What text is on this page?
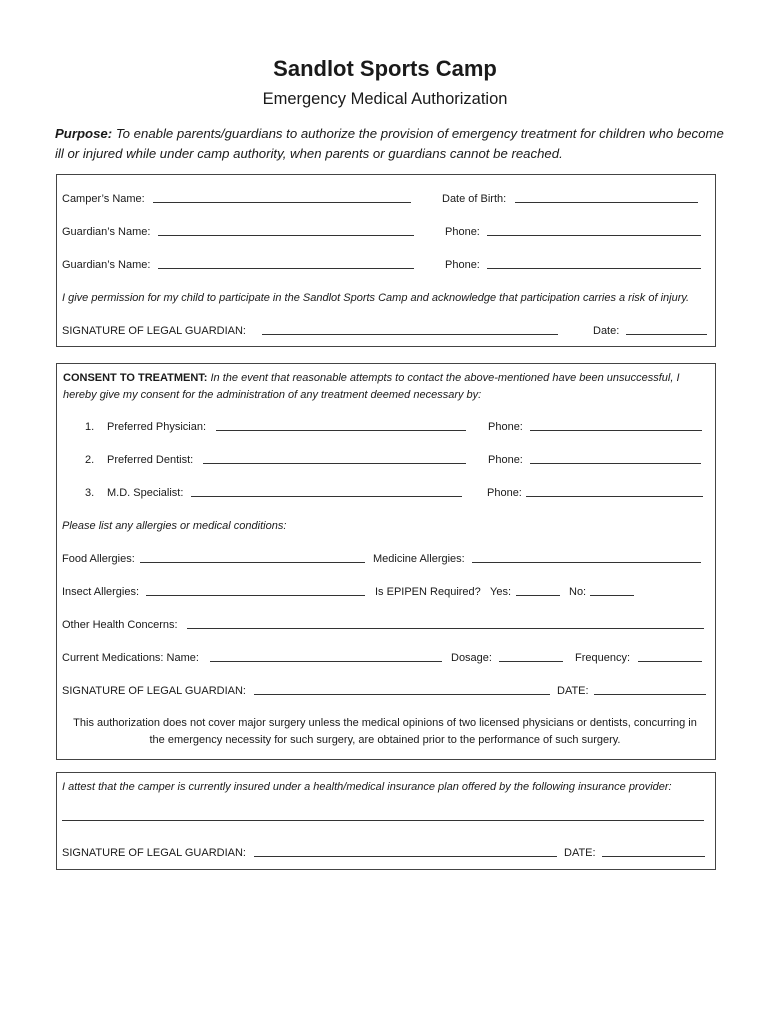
Sandlot Sports Camp
Emergency Medical Authorization
Purpose: To enable parents/guardians to authorize the provision of emergency treatment for children who become ill or injured while under camp authority, when parents or guardians cannot be reached.
Camper’s Name:	Date of Birth:
Guardian’s Name:	Phone:
Guardian’s Name:	Phone:
I give permission for my child to participate in the Sandlot Sports Camp and acknowledge that participation carries a risk of injury.
SIGNATURE OF LEGAL GUARDIAN:	Date:
CONSENT TO TREATMENT: In the event that reasonable attempts to contact the above-mentioned have been unsuccessful, I hereby give my consent for the administration of any treatment deemed necessary by:
1. Preferred Physician:	Phone:
2. Preferred Dentist:	Phone:
3. M.D. Specialist:	Phone:
Please list any allergies or medical conditions:
Food Allergies:	Medicine Allergies:
Insect Allergies:	Is EPIPEN Required? Yes:	No:
Other Health Concerns:
Current Medications: Name:	Dosage:	Frequency:
SIGNATURE OF LEGAL GUARDIAN:	DATE:
This authorization does not cover major surgery unless the medical opinions of two licensed physicians or dentists, concurring in
the emergency necessity for such surgery, are obtained prior to the performance of such surgery.
I attest that the camper is currently insured under a health/medical insurance plan offered by the following insurance provider:
SIGNATURE OF LEGAL GUARDIAN:	DATE:
